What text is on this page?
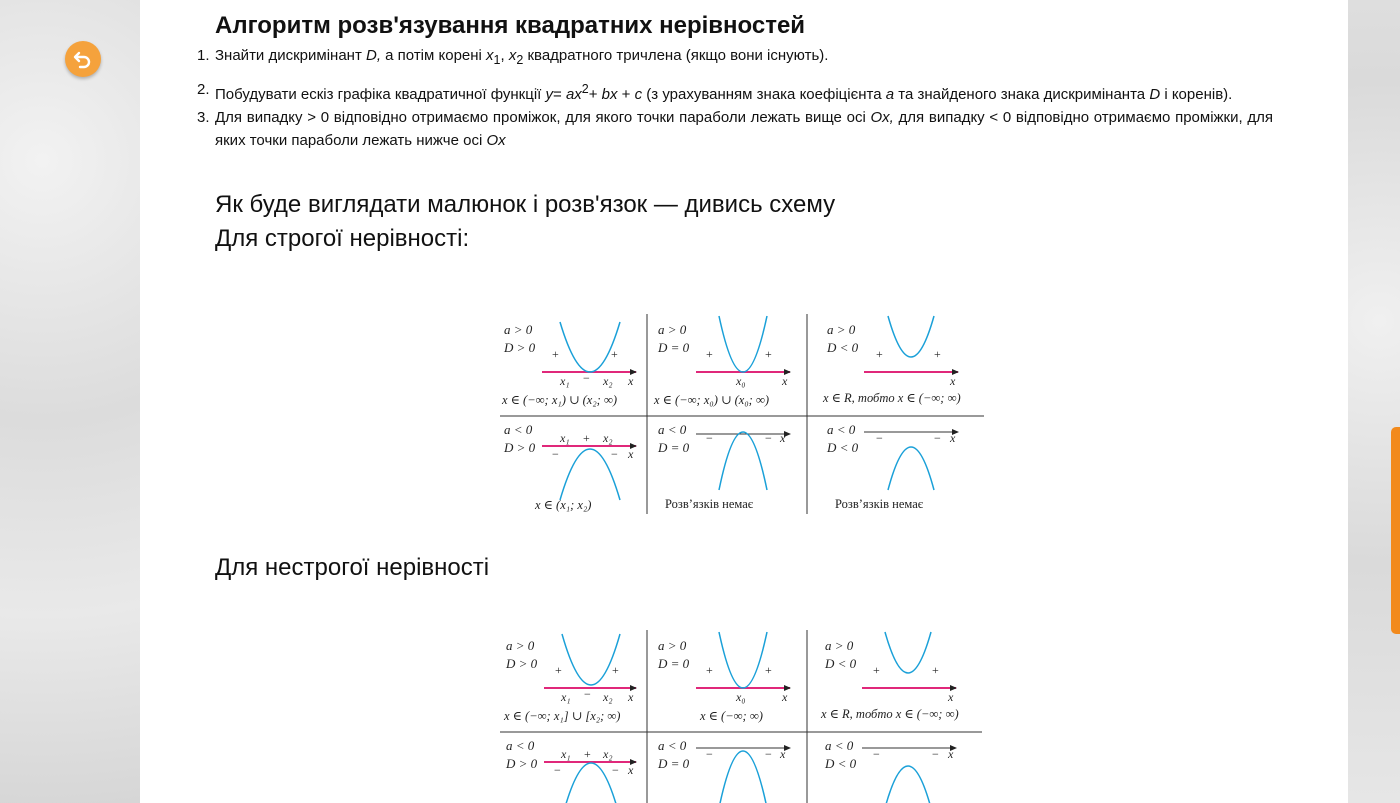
Алгоритм розв'язування квадратних нерівностей
1. Знайти дискримінант D, а потім корені $x_1$, $x_2$ квадратного тричлена (якщо вони існують).
2. Побудувати ескіз графіка квадратичної функції $y= ax^2+$ bx + c (з урахуванням знака коефіцієнта a та знайденого знака дискримінанта D і коренів).
3. Для випадку > 0 відповідно отримаємо проміжок, для якого точки параболи лежать вище осі Ox, для випадку < 0 відповідно отримаємо проміжки, для яких точки параболи лежать нижче осі Ox

Як буде виглядати малюнок і розв'язок — дивись схему

Для строгої нерівності:

a > 0
D > 0 +	+
−
x₁	x₂ x
x ∈ (−∞; x₁) ∪ (x₂; ∞)
a > 0
D = 0 +	+
x₀	x
x ∈ (−∞; x₀) ∪ (x₀; ∞)
a > 0
D < 0 +	+
x
x ∈ R, тобто x ∈ (−∞; ∞)
a < 0
D > 0
+
−	−
x₁	x₂
x
x ∈ (x₁; x₂)
a < 0
D = 0
−	− x
Розв’язків немає
a < 0
D < 0
−	− x
Розв’язків немає

Для нестрогої нерівності

a > 0
D > 0 +	+
−
x₁	x₂ x
x ∈ (−∞; x₁] ∪ [x₂; ∞)
a > 0
D = 0 +	+
x₀	x
x ∈ (−∞; ∞)
a > 0
D < 0 +	+
x
x ∈ R, тобто x ∈ (−∞; ∞)
a < 0
D > 0
+
−	−
x₁	x₂
x
a < 0
D = 0
−	− x
a < 0
D < 0
−	− x
